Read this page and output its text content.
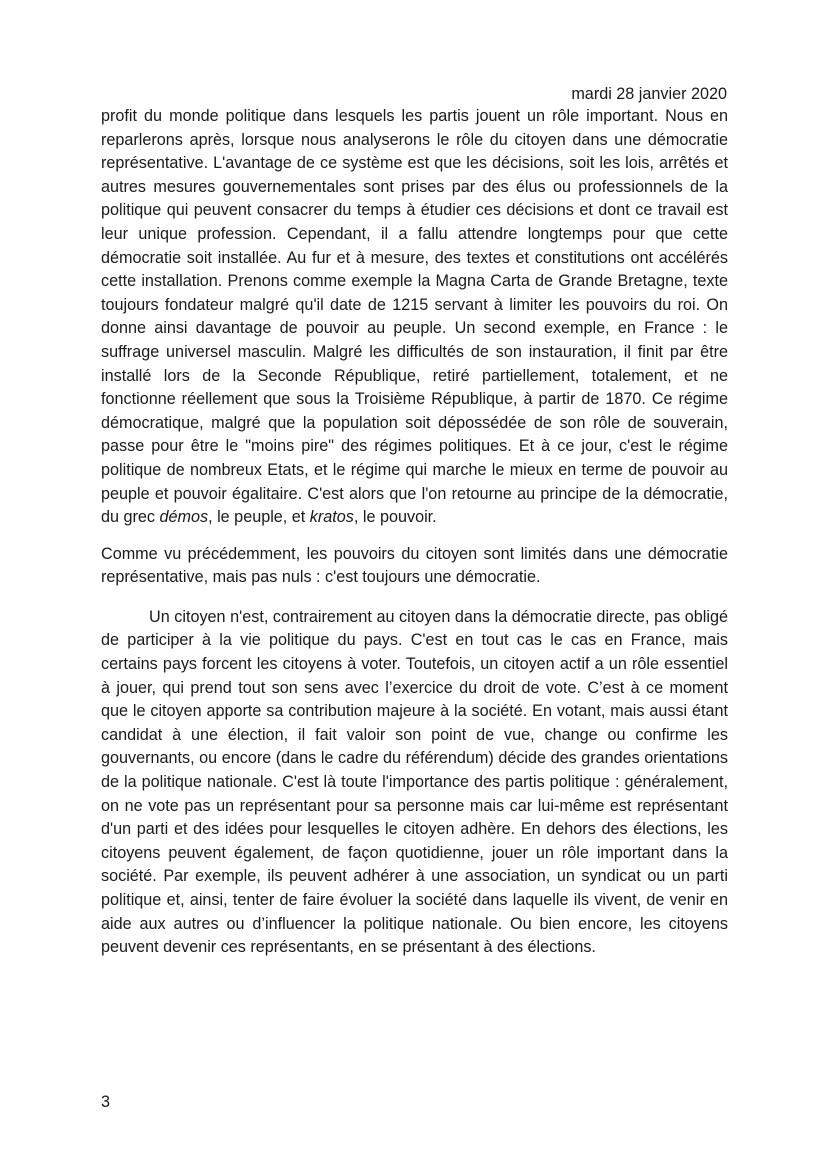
mardi 28 janvier 2020

profit du monde politique dans lesquels les partis jouent un rôle important. Nous en reparlerons après, lorsque nous analyserons le rôle du citoyen dans une démocratie représentative. L'avantage de ce système est que les décisions, soit les lois, arrêtés et autres mesures gouvernementales sont prises par des élus ou professionnels de la politique qui peuvent consacrer du temps à étudier ces décisions et dont ce travail est leur unique profession. Cependant, il a fallu attendre longtemps pour que cette démocratie soit installée. Au fur et à mesure, des textes et constitutions ont accélérés cette installation. Prenons comme exemple la Magna Carta de Grande Bretagne, texte toujours fondateur malgré qu'il date de 1215 servant à limiter les pouvoirs du roi. On donne ainsi davantage de pouvoir au peuple. Un second exemple, en France : le suffrage universel masculin. Malgré les difficultés de son instauration, il finit par être installé lors de la Seconde République, retiré partiellement, totalement, et ne fonctionne réellement que sous la Troisième République, à partir de 1870. Ce régime démocratique, malgré que la population soit dépossédée de son rôle de souverain, passe pour être le "moins pire" des régimes politiques. Et à ce jour, c'est le régime politique de nombreux Etats, et le régime qui marche le mieux en terme de pouvoir au peuple et pouvoir égalitaire. C'est alors que l'on retourne au principe de la démocratie, du grec démos, le peuple, et kratos, le pouvoir.

Comme vu précédemment, les pouvoirs du citoyen sont limités dans une démocratie représentative, mais pas nuls : c'est toujours une démocratie.

Un citoyen n'est, contrairement au citoyen dans la démocratie directe, pas obligé de participer à la vie politique du pays. C'est en tout cas le cas en France, mais certains pays forcent les citoyens à voter. Toutefois, un citoyen actif a un rôle essentiel à jouer, qui prend tout son sens avec l’exercice du droit de vote. C’est à ce moment que le citoyen apporte sa contribution majeure à la société. En votant, mais aussi étant candidat à une élection, il fait valoir son point de vue, change ou confirme les gouvernants, ou encore (dans le cadre du référendum) décide des grandes orientations de la politique nationale. C'est là toute l'importance des partis politique : généralement, on ne vote pas un représentant pour sa personne mais car lui-même est représentant d'un parti et des idées pour lesquelles le citoyen adhère. En dehors des élections, les citoyens peuvent également, de façon quotidienne, jouer un rôle important dans la société. Par exemple, ils peuvent adhérer à une association, un syndicat ou un parti politique et, ainsi, tenter de faire évoluer la société dans laquelle ils vivent, de venir en aide aux autres ou d’influencer la politique nationale. Ou bien encore, les citoyens peuvent devenir ces représentants, en se présentant à des élections.

3
